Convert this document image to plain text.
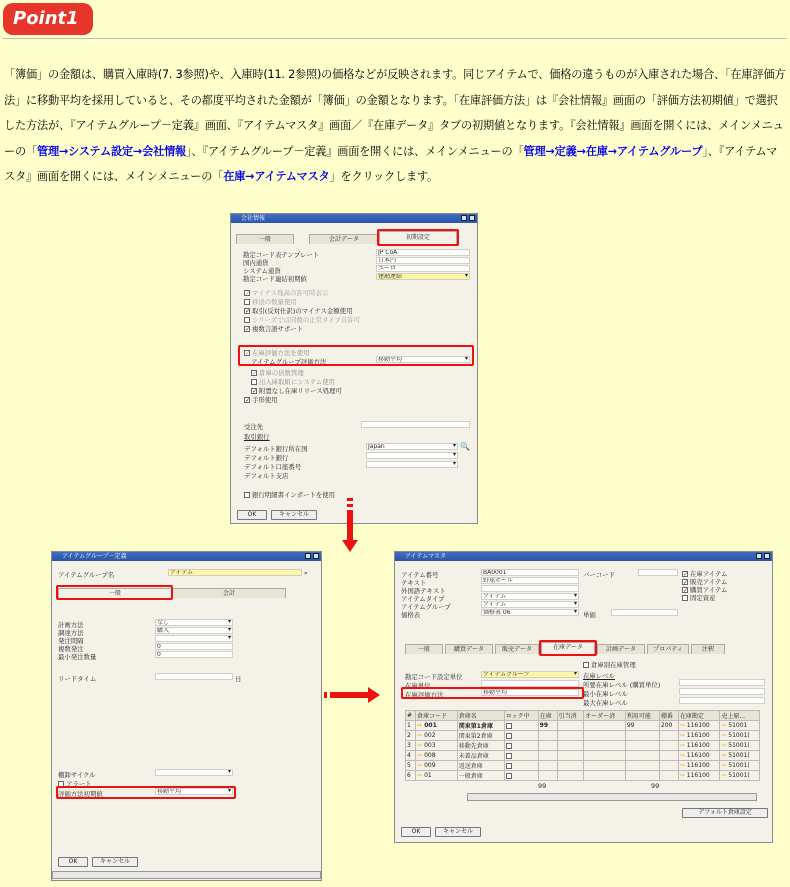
Point1
「簿価」の金額は、購買入庫時(7. 3参照)や、入庫時(11. 2参照)の価格などが反映されます。同じアイテムで、価格の違うものが入庫された場合、「在庫評価方法」に移動平均を採用していると、その都度平均された金額が「簿価」の金額となります。「在庫評価方法」は『会社情報』画面の「評価方法初期値」で選択した方法が、『アイテムグループ－定義』画面、『アイテムマスタ』画面／『在庫データ』タブの初期値となります。『会社情報』画面を開くには、メインメニューの「管理→システム設定→会社情報」、『アイテムグループ－定義』画面を開くには、メインメニューの「管理→定義→在庫→アイテムグループ」、『アイテムマスタ』画面を開くには、メインメニューの「在庫→アイテムマスタ」をクリックします。
会社情報
一般	会計データ	初期設定
勘定コード表テンプレート	JP CoA
国内通貨	日本円
システム通貨	ユーロ
勘定コード連結初期値	建勘連結 ▾
✓ マイナス残高の許可時表示
移送の数量使用
✓ 取引(反対仕訳)のマイナス金額使用
シリーズでは同数の正常タイプ自許可
✓ 複数言語サポート
✓ 在庫評価方法を使用
アイテムグループ評価方法	移動平均 ▾
✓ 倉庫の倍数管理
出入庫取組にシステム使用
✓ 附置なし在庫リリース処理可
✓ 手形使用
受注先
取引銀行
デフォルト銀行所在国	Japan ▾	🔍
デフォルト銀行
▾
デフォルト口座番号
▾
デフォルト支店
銀行明細書インポートを使用
OK	キャンセル
アイテムグループ－定義
アイテムグループ名	アイテム	⌕
一般	会計
計画方法	なし ▾
調達方法	購入 ▾
発注間隔
▾
複数発注	0
最小発注数量	0
リードタイム	日
棚卸サイクル
▾
アラート
評価方法初期値	移動平均 ▾
OK	キャンセル
アイテムマスタ
アイテム番号	BA0001
テキスト	野球ボール
外国語テキスト
アイテムタイプ	アイテム ▾
アイテムグループ	アイテム ▾
価格表	価格表 06 ▾
バーコード
単価
✓ 在庫アイテム
✓ 販売アイテム
✓ 購買アイテム
固定資産
一般	購買データ	販売データ	在庫データ	計画データ	プロパティ	注釈
倉庫別在庫管理
勘定コード設定単位	アイテムグループ ▾
在庫単位
在庫評価方法	移動平均
在庫レベル
所要在庫レベル (購買単位)
最小在庫レベル
最大在庫レベル
#	倉庫コード	倉庫名	ロック中	在庫	引当済	オーダー済	利用可能	棚番	在庫勘定	売上原...
1	⇨ 001	関東第1倉庫		99			99	200	⇨ 116100	⇨ 51001
2	⇨ 002	関東第2倉庫							⇨ 116100	⇨ 51001(
3	⇨ 003	移動先倉庫							⇨ 116100	⇨ 51001(
4	⇨ 008	未着品倉庫							⇨ 116100	⇨ 51001(
5	⇨ 009	返送倉庫							⇨ 116100	⇨ 51001(
6	⇨ 01	一般倉庫							⇨ 116100	⇨ 51001(
99	99
デフォルト倉庫設定
OK	キャンセル
